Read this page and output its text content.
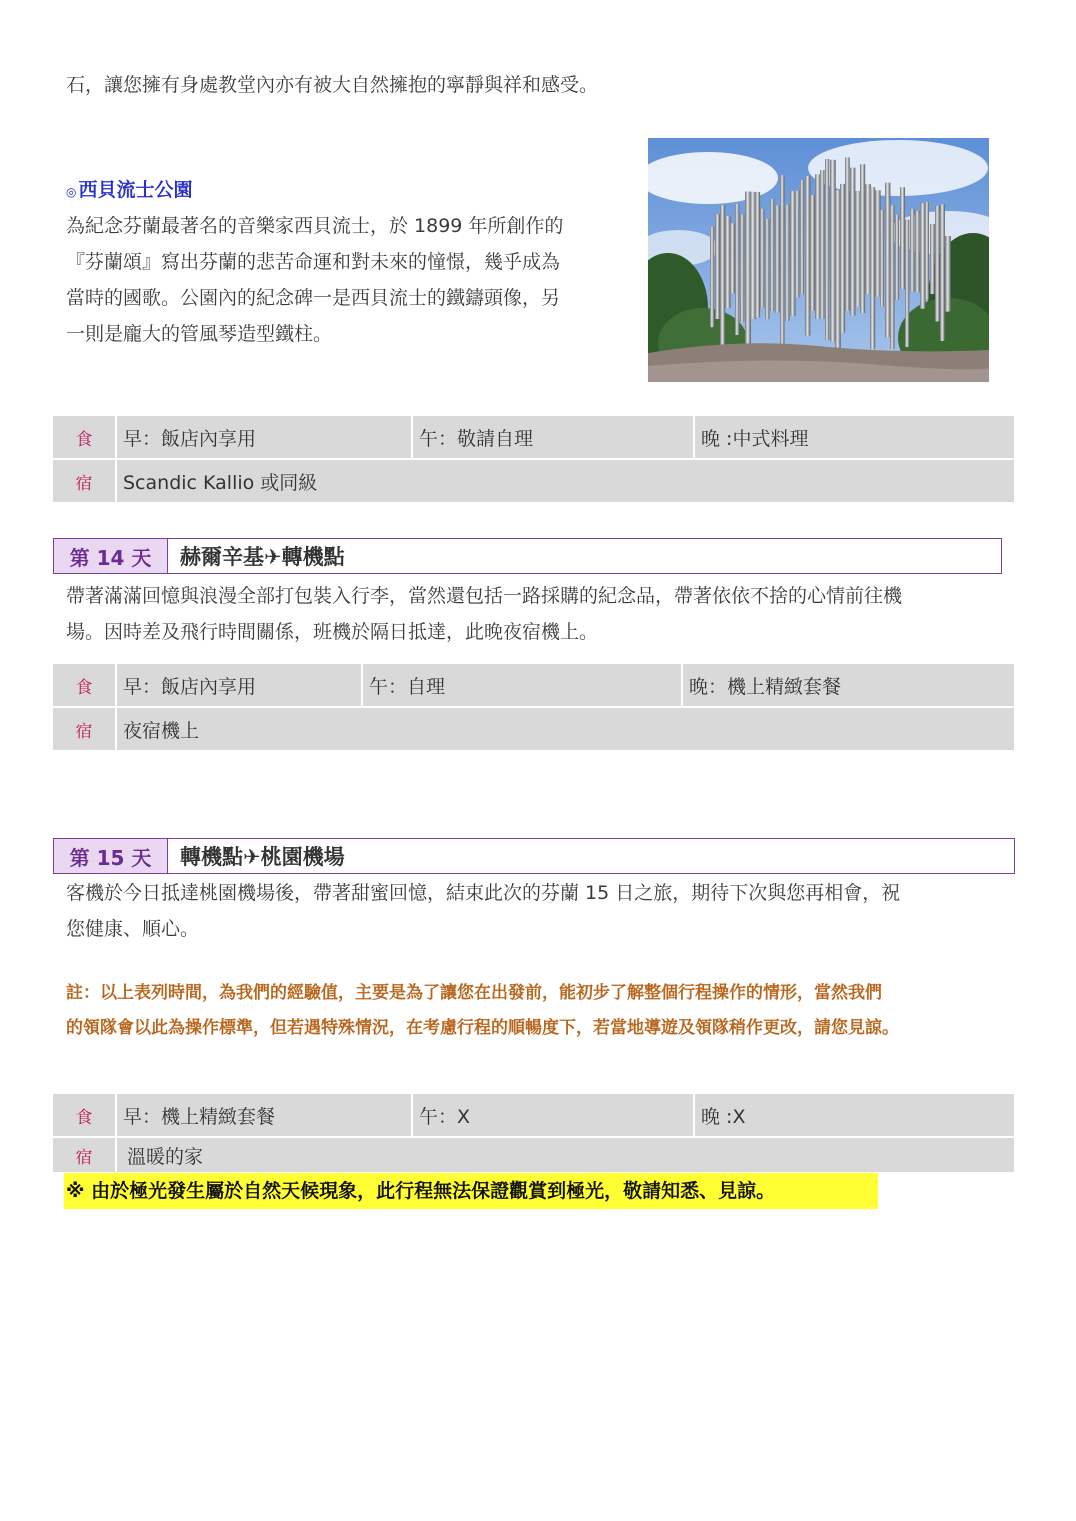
石，讓您擁有身處教堂內亦有被大自然擁抱的寧靜與祥和感受。
◎ 西貝流士公園
為紀念芬蘭最著名的音樂家西貝流士，於 1899 年所創作的
『芬蘭頌』寫出芬蘭的悲苦命運和對未來的憧憬，幾乎成為
當時的國歌。公園內的紀念碑一是西貝流士的鐵鑄頭像，另
一則是龐大的管風琴造型鐵柱。
食	早：飯店內享用	午：敬請自理	晚 :中式料理
宿	Scandic Kallio 或同級
第 14 天	赫爾辛基✈轉機點
帶著滿滿回憶與浪漫全部打包裝入行李，當然還包括一路採購的紀念品，帶著依依不捨的心情前往機
場。因時差及飛行時間關係，班機於隔日抵達，此晚夜宿機上。
食	早：飯店內享用	午：自理	晚：機上精緻套餐
宿	夜宿機上
第 15 天	轉機點✈桃園機場
客機於今日抵達桃園機場後，帶著甜蜜回憶，結束此次的芬蘭 15 日之旅，期待下次與您再相會，祝
您健康、順心。
註：以上表列時間，為我們的經驗值，主要是為了讓您在出發前，能初步了解整個行程操作的情形，當然我們
的領隊會以此為操作標準，但若遇特殊情況，在考慮行程的順暢度下，若當地導遊及領隊稍作更改，請您見諒。
食	早：機上精緻套餐	午：X	晚 :X
宿	溫暖的家
※ 由於極光發生屬於自然天候現象，此行程無法保證觀賞到極光，敬請知悉、見諒。
